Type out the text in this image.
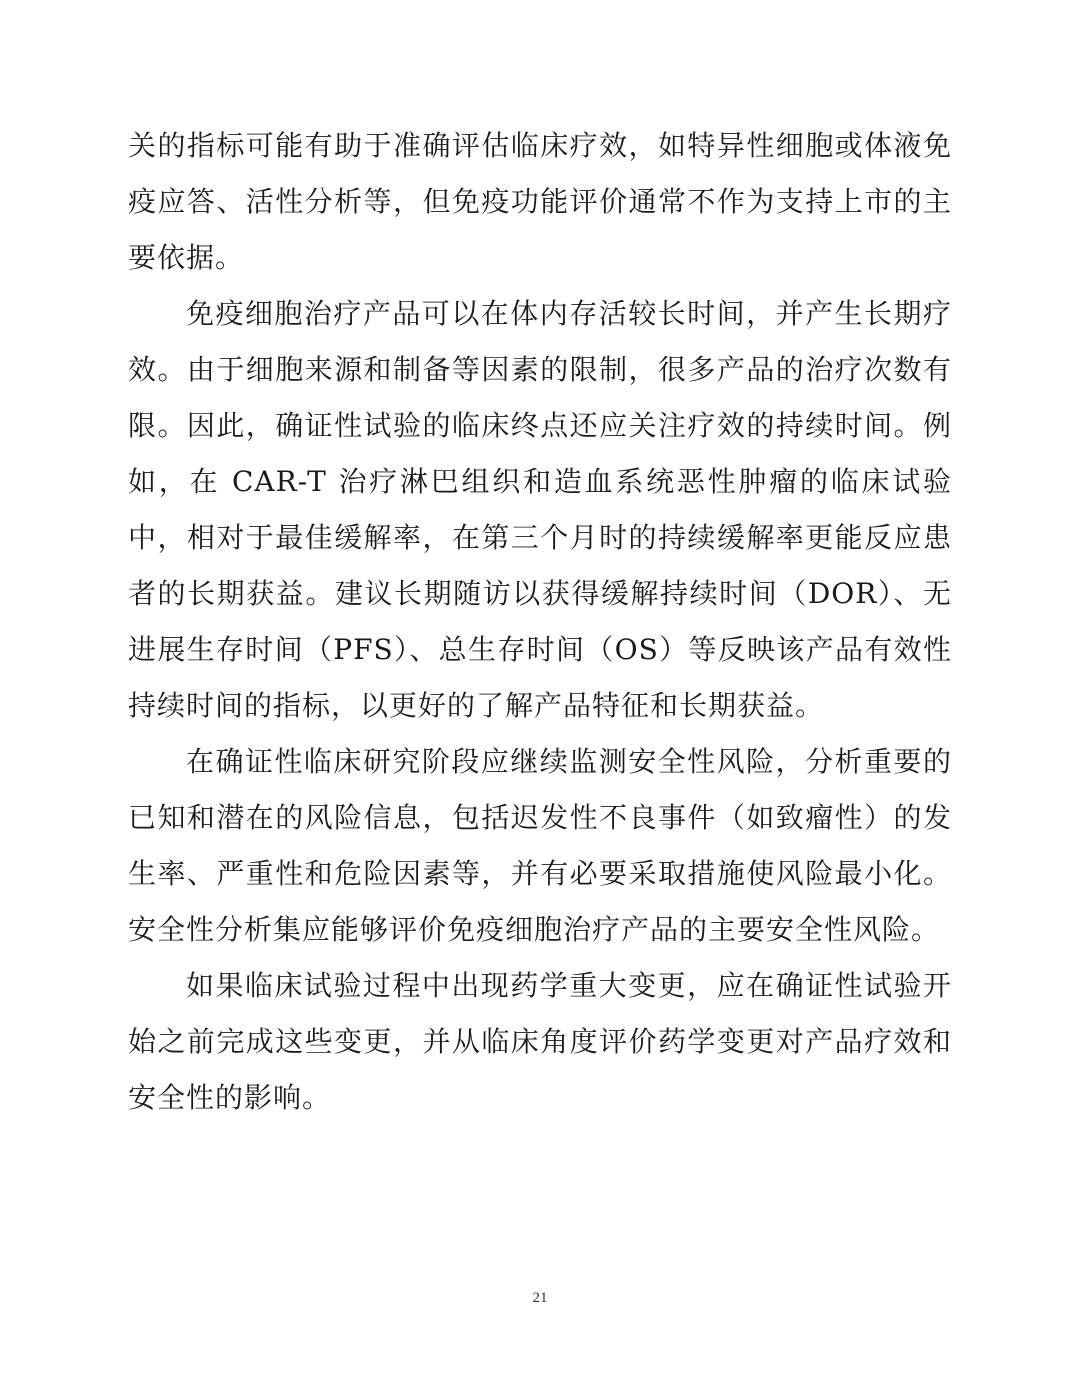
关的指标可能有助于准确评估临床疗效，如特异性细胞或体液免疫应答、活性分析等，但免疫功能评价通常不作为支持上市的主要依据。

免疫细胞治疗产品可以在体内存活较长时间，并产生长期疗效。由于细胞来源和制备等因素的限制，很多产品的治疗次数有限。因此，确证性试验的临床终点还应关注疗效的持续时间。例如，在 CAR-T 治疗淋巴组织和造血系统恶性肿瘤的临床试验中，相对于最佳缓解率，在第三个月时的持续缓解率更能反应患者的长期获益。建议长期随访以获得缓解持续时间（DOR）、无进展生存时间（PFS）、总生存时间（OS）等反映该产品有效性持续时间的指标，以更好的了解产品特征和长期获益。

在确证性临床研究阶段应继续监测安全性风险，分析重要的已知和潜在的风险信息，包括迟发性不良事件（如致瘤性）的发生率、严重性和危险因素等，并有必要采取措施使风险最小化。安全性分析集应能够评价免疫细胞治疗产品的主要安全性风险。

如果临床试验过程中出现药学重大变更，应在确证性试验开始之前完成这些变更，并从临床角度评价药学变更对产品疗效和安全性的影响。

21
